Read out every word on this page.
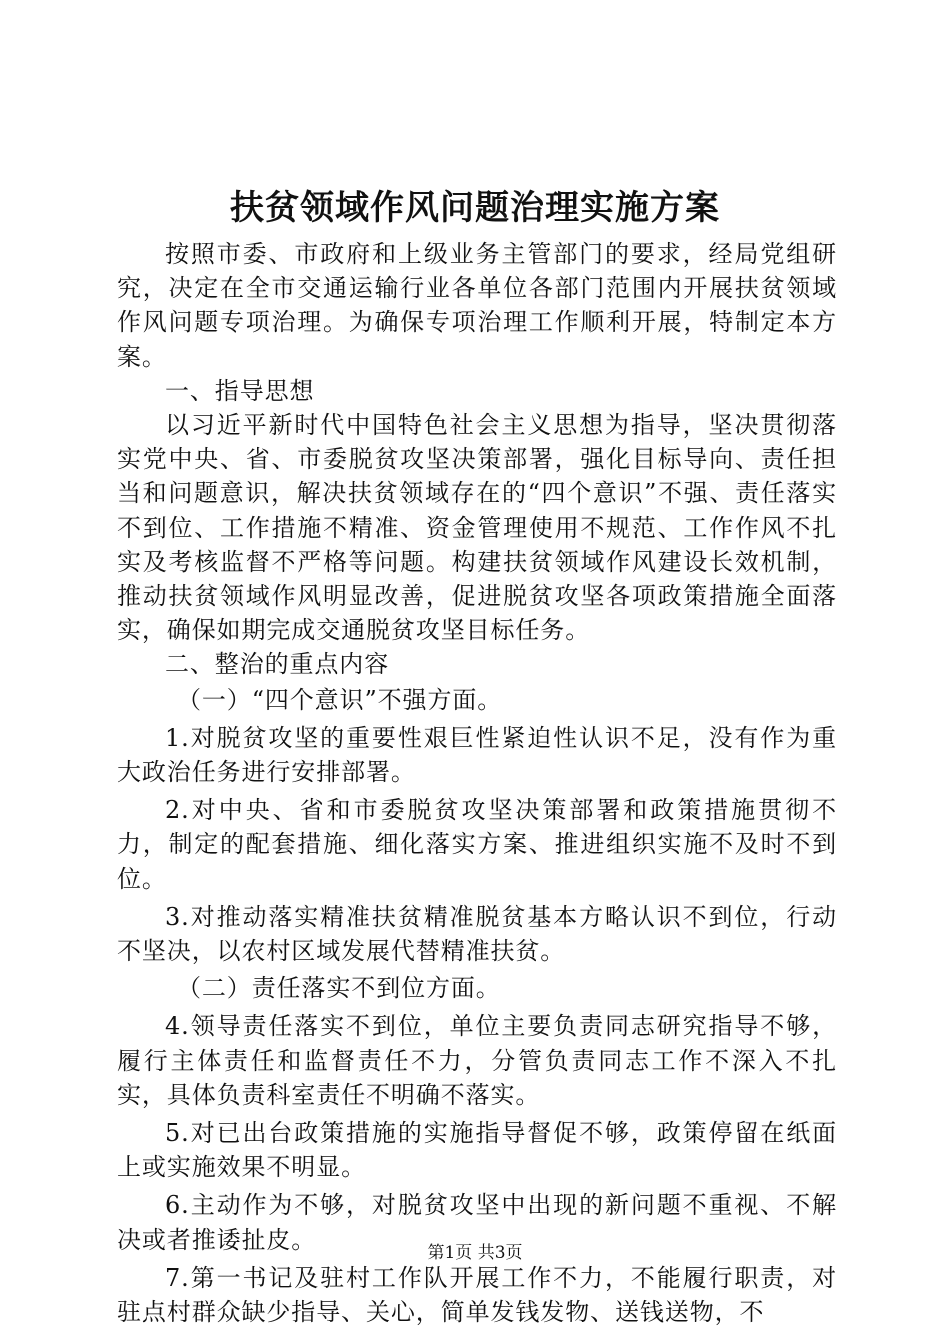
扶贫领域作风问题治理实施方案

按照市委、市政府和上级业务主管部门的要求，经局党组研究，决定在全市交通运输行业各单位各部门范围内开展扶贫领域作风问题专项治理。为确保专项治理工作顺利开展，特制定本方案。

一、指导思想

以习近平新时代中国特色社会主义思想为指导，坚决贯彻落实党中央、省、市委脱贫攻坚决策部署，强化目标导向、责任担当和问题意识，解决扶贫领域存在的“四个意识”不强、责任落实不到位、工作措施不精准、资金管理使用不规范、工作作风不扎实及考核监督不严格等问题。构建扶贫领域作风建设长效机制，推动扶贫领域作风明显改善，促进脱贫攻坚各项政策措施全面落实，确保如期完成交通脱贫攻坚目标任务。

二、整治的重点内容

（一）“四个意识”不强方面。

1.对脱贫攻坚的重要性艰巨性紧迫性认识不足，没有作为重大政治任务进行安排部署。

2.对中央、省和市委脱贫攻坚决策部署和政策措施贯彻不力，制定的配套措施、细化落实方案、推进组织实施不及时不到位。

3.对推动落实精准扶贫精准脱贫基本方略认识不到位，行动不坚决，以农村区域发展代替精准扶贫。

（二）责任落实不到位方面。

4.领导责任落实不到位，单位主要负责同志研究指导不够，履行主体责任和监督责任不力，分管负责同志工作不深入不扎实，具体负责科室责任不明确不落实。

5.对已出台政策措施的实施指导督促不够，政策停留在纸面上或实施效果不明显。

6.主动作为不够，对脱贫攻坚中出现的新问题不重视、不解决或者推诿扯皮。

7.第一书记及驻村工作队开展工作不力，不能履行职责，对驻点村群众缺少指导、关心，简单发钱发物、送钱送物，不

第1页 共3页
